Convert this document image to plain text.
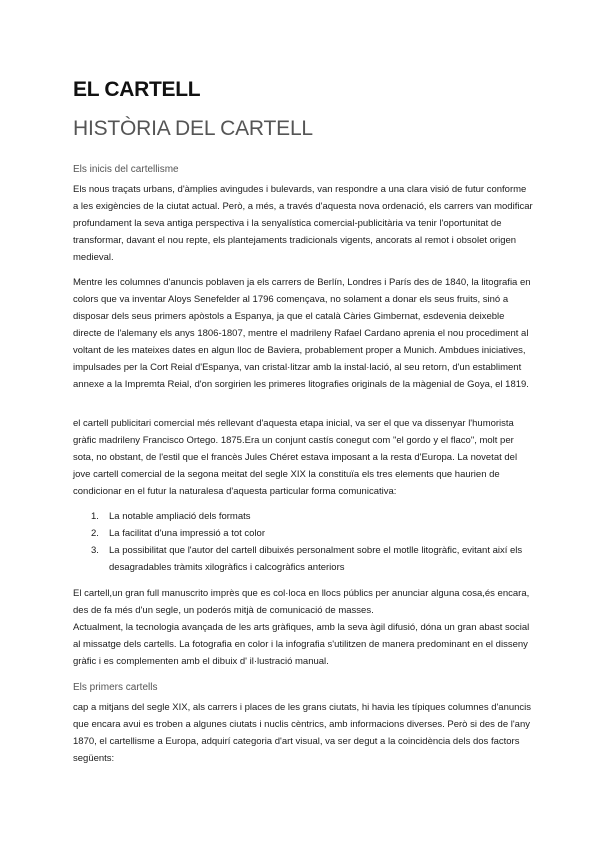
EL CARTELL
HISTÒRIA DEL CARTELL

Els inicis del cartellisme

Els nous traçats urbans, d'àmplies avingudes i bulevards, van respondre a una clara visió de futur conforme a les exigències de la ciutat actual. Però, a més, a través d'aquesta nova ordenació, els carrers van modificar profundament la seva antiga perspectiva i la senyalística comercial-publicitària va tenir l'oportunitat de transformar, davant el nou repte, els plantejaments tradicionals vigents, ancorats al remot i obsolet origen medieval.

Mentre les columnes d'anuncis poblaven ja els carrers de Berlín, Londres i París des de 1840, la litografia en colors que va inventar Aloys Senefelder al 1796 començava, no solament a donar els seus fruits, sinó a disposar dels seus primers apòstols a Espanya, ja que el català Càries Gimbernat, esdevenia deixeble directe de l'alemany els anys 1806-1807, mentre el madrileny Rafael Cardano aprenia el nou procediment al voltant de les mateixes dates en algun lloc de Baviera, probablement proper a Munich. Ambdues iniciatives, impulsades per la Cort Reial d'Espanya, van cristal·litzar amb la instal·lació, al seu retorn, d'un establiment annexe a la Impremta Reial, d'on sorgirien les primeres litografies originals de la màgenial de Goya, el 1819.

el cartell publicitari comercial més rellevant d'aquesta etapa inicial, va ser el que va dissenyar l'humorista gràfic madrileny Francisco Ortego. 1875.Era un conjunt castís conegut com "el gordo y el flaco", molt per sota, no obstant, de l'estil que el francès Jules Chéret estava imposant a la resta d'Europa. La novetat del jove cartell comercial de la segona meitat del segle XIX la constituïa els tres elements que haurien de condicionar en el futur la naturalesa d'aquesta particular forma comunicativa:

1. La notable ampliació dels formats
2. La facilitat d'una impressió a tot color
3. La possibilitat que l'autor del cartell dibuixés personalment sobre el motlle litogràfic, evitant així els desagradables tràmits xilogràfics i calcogràfics anteriors

El cartell,un gran full manuscrito imprès que es col·loca en llocs públics per anunciar alguna cosa,és encara, des de fa més d'un segle, un poderós mitjà de comunicació de masses.

Actualment, la tecnologia avançada de les arts gràfiques, amb la seva àgil difusió, dóna un gran abast social al missatge dels cartells. La fotografia en color i la infografia s'utilitzen de manera predominant en el disseny gràfic i es complementen amb el dibuix d' il·lustració manual.

Els primers cartells

cap a mitjans del segle XIX, als carrers i places de les grans ciutats, hi havia les típiques columnes d'anuncis que encara avui es troben a algunes ciutats i nuclis cèntrics, amb informacions diverses. Però si des de l'any 1870, el cartellisme a Europa, adquirí categoria d'art visual, va ser degut a la coincidència dels dos factors següents:
